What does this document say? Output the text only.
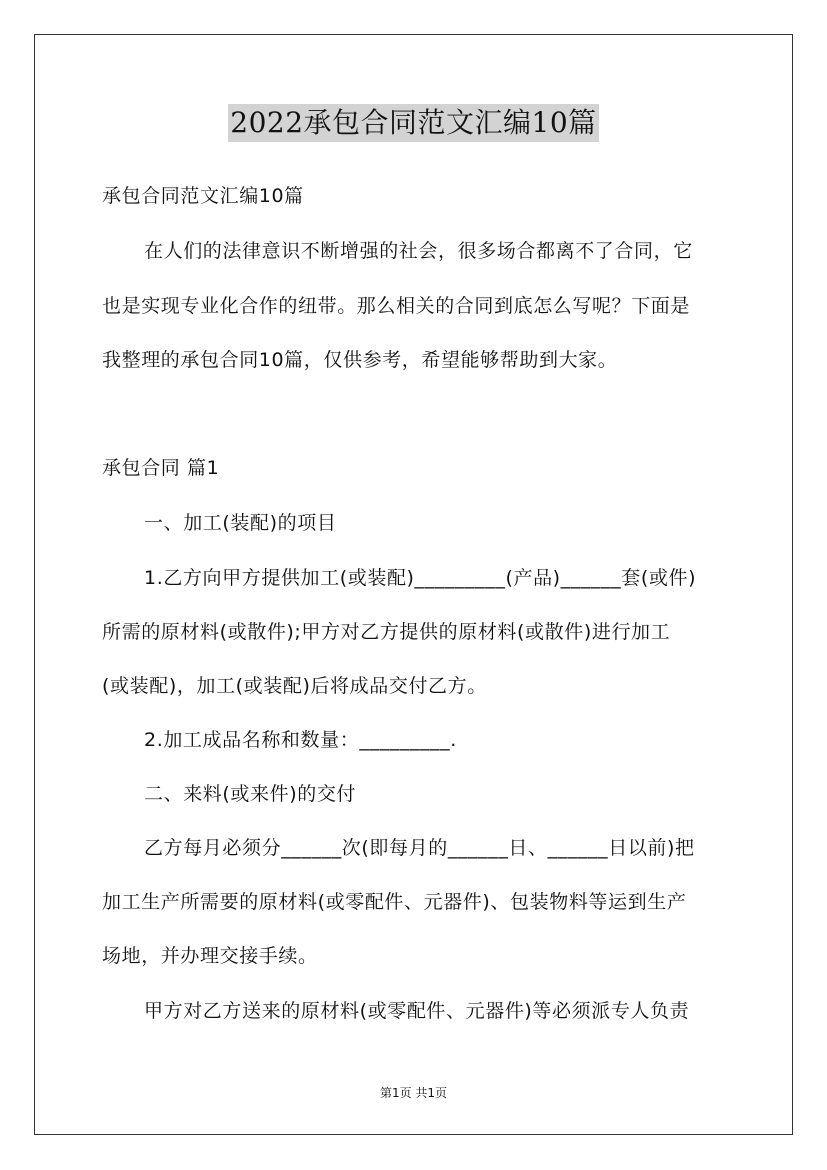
2022承包合同范文汇编10篇
承包合同范文汇编10篇
在人们的法律意识不断增强的社会，很多场合都离不了合同，它
也是实现专业化合作的纽带。那么相关的合同到底怎么写呢？下面是
我整理的承包合同10篇，仅供参考，希望能够帮助到大家。
承包合同 篇1
一、加工(装配)的项目
1.乙方向甲方提供加工(或装配)_________(产品)______套(或件)
所需的原材料(或散件);甲方对乙方提供的原材料(或散件)进行加工
(或装配)，加工(或装配)后将成品交付乙方。
2.加工成品名称和数量：_________.
二、来料(或来件)的交付
乙方每月必须分______次(即每月的______日、______日以前)把
加工生产所需要的原材料(或零配件、元器件)、包装物料等运到生产
场地，并办理交接手续。
甲方对乙方送来的原材料(或零配件、元器件)等必须派专人负责
第1页 共1页
